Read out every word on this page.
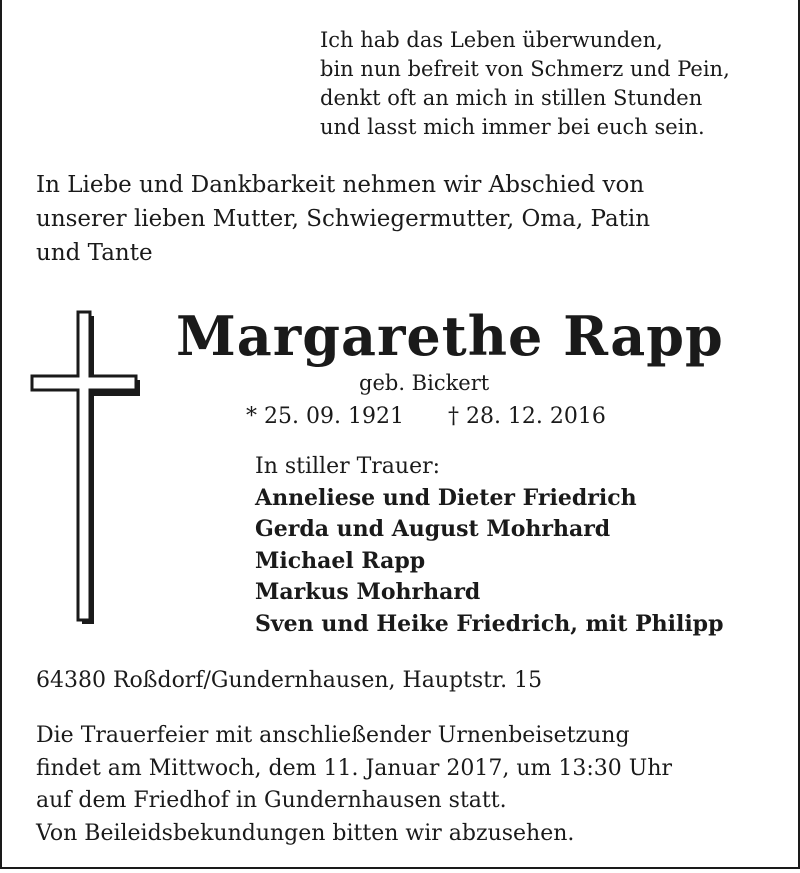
Ich hab das Leben überwunden,
bin nun befreit von Schmerz und Pein,
denkt oft an mich in stillen Stunden
und lasst mich immer bei euch sein.
In Liebe und Dankbarkeit nehmen wir Abschied von
unserer lieben Mutter, Schwiegermutter, Oma, Patin
und Tante
Margarethe Rapp
geb. Bickert
* 25. 09. 1921 † 28. 12. 2016
In stiller Trauer:
Anneliese und Dieter Friedrich
Gerda und August Mohrhard
Michael Rapp
Markus Mohrhard
Sven und Heike Friedrich, mit Philipp
64380 Roßdorf/Gundernhausen, Hauptstr. 15
Die Trauerfeier mit anschließender Urnenbeisetzung
findet am Mittwoch, dem 11. Januar 2017, um 13:30 Uhr
auf dem Friedhof in Gundernhausen statt.
Von Beileidsbekundungen bitten wir abzusehen.
